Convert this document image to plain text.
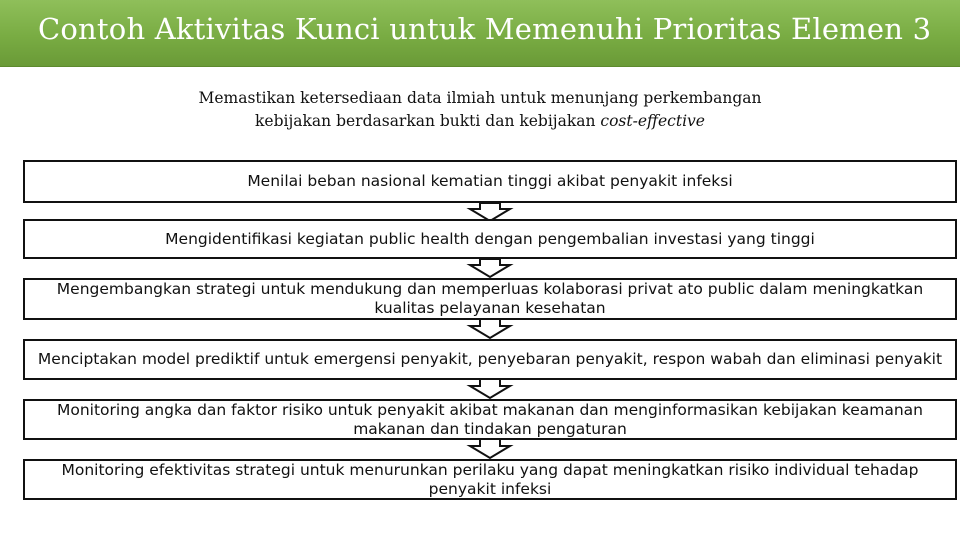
Contoh Aktivitas Kunci untuk Memenuhi Prioritas Elemen 3
Memastikan ketersediaan data ilmiah untuk menunjang perkembangan
kebijakan berdasarkan bukti dan kebijakan cost-effective
Menilai beban nasional kematian tinggi akibat penyakit infeksi
Mengidentifikasi kegiatan public health dengan pengembalian investasi yang tinggi
Mengembangkan strategi untuk mendukung dan memperluas kolaborasi privat ato public dalam meningkatkan kualitas pelayanan kesehatan
Menciptakan model prediktif untuk emergensi penyakit, penyebaran penyakit, respon wabah dan eliminasi penyakit
Monitoring angka dan faktor risiko untuk penyakit akibat makanan dan menginformasikan kebijakan keamanan makanan dan tindakan pengaturan
Monitoring efektivitas strategi untuk menurunkan perilaku yang dapat meningkatkan risiko individual tehadap penyakit infeksi
